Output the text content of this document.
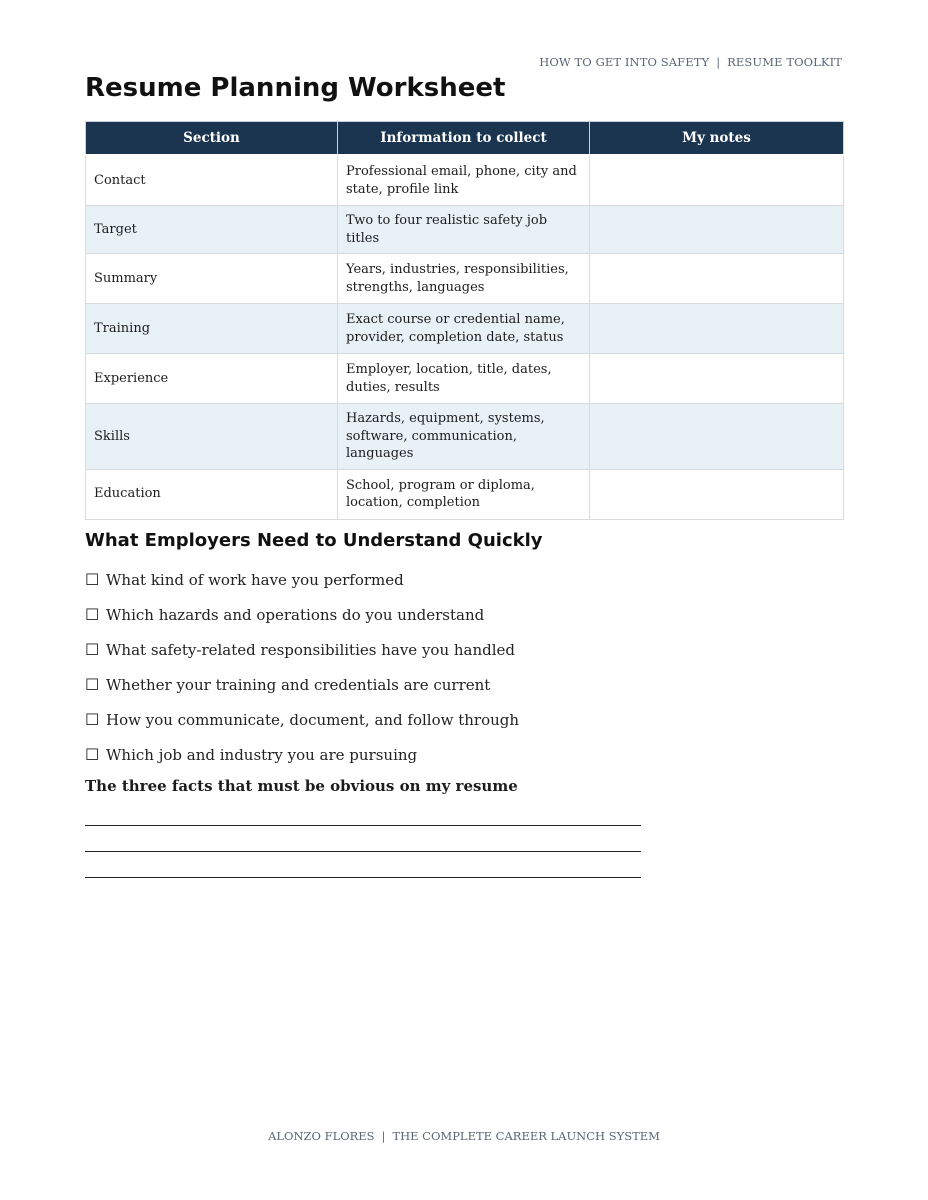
HOW TO GET INTO SAFETY | RESUME TOOLKIT
Resume Planning Worksheet
Section	Information to collect	My notes
Contact	Professional email, phone, city and state, profile link	
Target	Two to four realistic safety job titles	
Summary	Years, industries, responsibilities, strengths, languages	
Training	Exact course or credential name, provider, completion date, status	
Experience	Employer, location, title, dates, duties, results	
Skills	Hazards, equipment, systems, software, communication, languages	
Education	School, program or diploma, location, completion	
What Employers Need to Understand Quickly
☐ What kind of work have you performed
☐ Which hazards and operations do you understand
☐ What safety-related responsibilities have you handled
☐ Whether your training and credentials are current
☐ How you communicate, document, and follow through
☐ Which job and industry you are pursuing

The three facts that must be obvious on my resume

ALONZO FLORES | THE COMPLETE CAREER LAUNCH SYSTEM
